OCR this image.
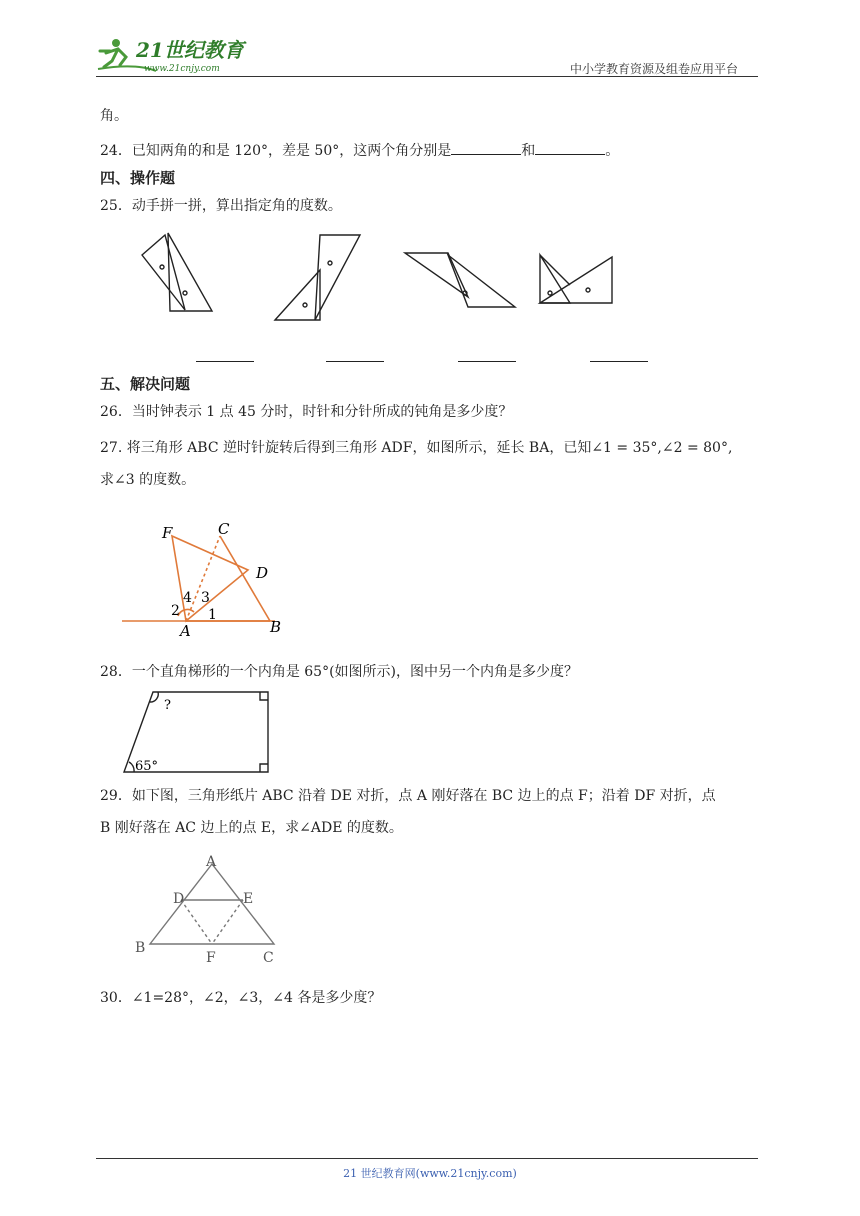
21世纪教育
www.21cnjy.com	中小学教育资源及组卷应用平台
角。
24．已知两角的和是 120°，差是 50°，这两个角分别是	和	。
四、操作题
25．动手拼一拼，算出指定角的度数。
五、解决问题
26．当时钟表示 1 点 45 分时，时针和分针所成的钝角是多少度？
27. 将三角形 ABC 逆时针旋转后得到三角形 ADF，如图所示，延长 BA，已知∠1 = 35°,∠2 = 80°,
求∠3 的度数。
F	C
D
4 3
2 1
A	B
28．一个直角梯形的一个内角是 65°(如图所示)，图中另一个内角是多少度？
?
65°
29．如下图，三角形纸片 ABC 沿着 DE 对折，点 A 刚好落在 BC 边上的点 F；沿着 DF 对折，点
B 刚好落在 AC 边上的点 E，求∠ADE 的度数。
A
D	E
B
F	C
30．∠1=28°，∠2，∠3，∠4 各是多少度？
21 世纪教育网(www.21cnjy.com)
